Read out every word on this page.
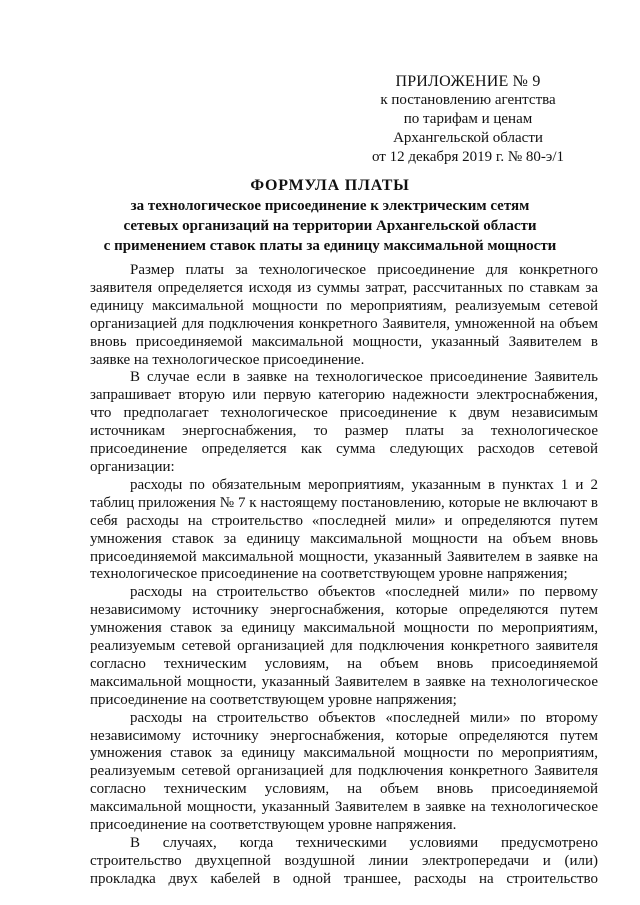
ПРИЛОЖЕНИЕ № 9
к постановлению агентства
по тарифам и ценам
Архангельской области
от 12 декабря 2019 г. № 80-э/1
ФОРМУЛА ПЛАТЫ
за технологическое присоединение к электрическим сетям
сетевых организаций на территории Архангельской области
с применением ставок платы за единицу максимальной мощности

Размер платы за технологическое присоединение для конкретного заявителя определяется исходя из суммы затрат, рассчитанных по ставкам за единицу максимальной мощности по мероприятиям, реализуемым сетевой организацией для подключения конкретного Заявителя, умноженной на объем вновь присоединяемой максимальной мощности, указанный Заявителем в заявке на технологическое присоединение.

В случае если в заявке на технологическое присоединение Заявитель запрашивает вторую или первую категорию надежности электроснабжения, что предполагает технологическое присоединение к двум независимым источникам энергоснабжения, то размер платы за технологическое присоединение определяется как сумма следующих расходов сетевой организации:

расходы по обязательным мероприятиям, указанным в пунктах 1 и 2 таблиц приложения № 7 к настоящему постановлению, которые не включают в себя расходы на строительство «последней мили» и определяются путем умножения ставок за единицу максимальной мощности на объем вновь присоединяемой максимальной мощности, указанный Заявителем в заявке на технологическое присоединение на соответствующем уровне напряжения;

расходы на строительство объектов «последней мили» по первому независимому источнику энергоснабжения, которые определяются путем умножения ставок за единицу максимальной мощности по мероприятиям, реализуемым сетевой организацией для подключения конкретного заявителя согласно техническим условиям, на объем вновь присоединяемой максимальной мощности, указанный Заявителем в заявке на технологическое присоединение на соответствующем уровне напряжения;

расходы на строительство объектов «последней мили» по второму независимому источнику энергоснабжения, которые определяются путем умножения ставок за единицу максимальной мощности по мероприятиям, реализуемым сетевой организацией для подключения конкретного Заявителя согласно техническим условиям, на объем вновь присоединяемой максимальной мощности, указанный Заявителем в заявке на технологическое присоединение на соответствующем уровне напряжения.

В случаях, когда техническими условиями предусмотрено строительство двухцепной воздушной линии электропередачи и (или) прокладка двух кабелей в одной траншее, расходы на строительство
